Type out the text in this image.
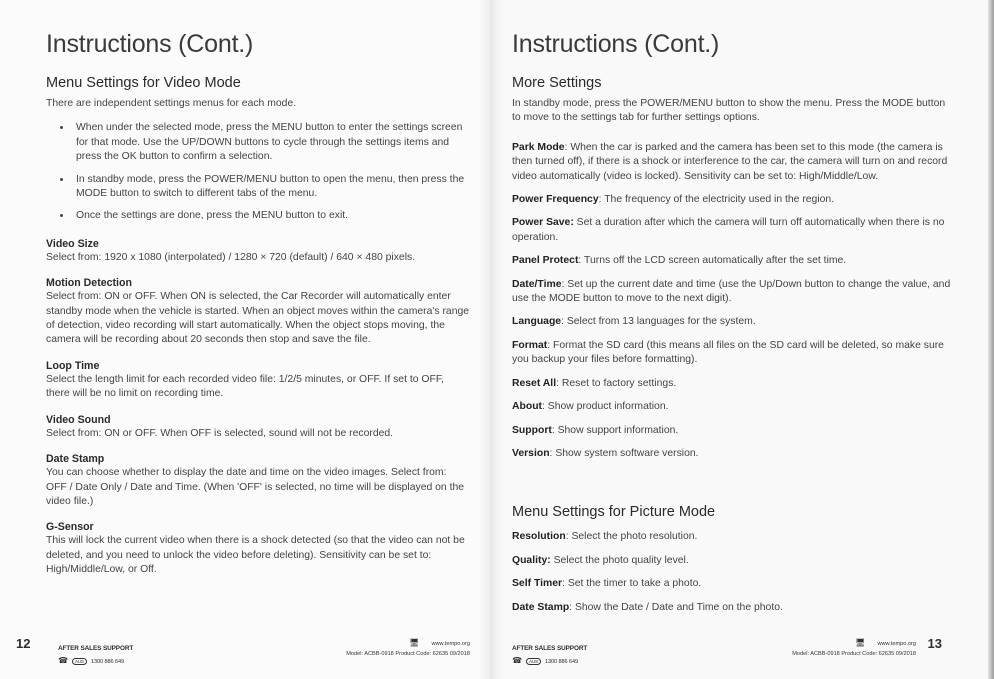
Instructions (Cont.)
Menu Settings for Video Mode

There are independent settings menus for each mode.

• When under the selected mode, press the MENU button to enter the settings screen for that mode. Use the UP/DOWN buttons to cycle through the settings items and press the OK button to confirm a selection.
• In standby mode, press the POWER/MENU button to open the menu, then press the MODE button to switch to different tabs of the menu.
• Once the settings are done, press the MENU button to exit.
Video Size

Select from: 1920 x 1080 (interpolated) / 1280 × 720 (default) / 640 × 480 pixels.

Motion Detection

Select from: ON or OFF. When ON is selected, the Car Recorder will automatically enter standby mode when the vehicle is started. When an object moves within the camera's range of detection, video recording will start automatically. When the object stops moving, the camera will be recording about 20 seconds then stop and save the file.

Loop Time

Select the length limit for each recorded video file: 1/2/5 minutes, or OFF. If set to OFF, there will be no limit on recording time.

Video Sound

Select from: ON or OFF. When OFF is selected, sound will not be recorded.

Date Stamp

You can choose whether to display the date and time on the video images. Select from: OFF / Date Only / Date and Time. (When 'OFF' is selected, no time will be displayed on the video file.)

G-Sensor

This will lock the current video when there is a shock detected (so that the video can not be deleted, and you need to unlock the video before deleting). Sensitivity can be set to: High/Middle/Low, or Off.

12	AFTER SALES SUPPORT
☎ AUS 1300 886 649
🖥 www.tempo.org
Model: ACBB-0918 Product Code: 62635 09/2018
Instructions (Cont.)
More Settings

In standby mode, press the POWER/MENU button to show the menu. Press the MODE button to move to the settings tab for further settings options.

Park Mode: When the car is parked and the camera has been set to this mode (the camera is then turned off), if there is a shock or interference to the car, the camera will turn on and record video automatically (video is locked). Sensitivity can be set to: High/Middle/Low.
Power Frequency: The frequency of the electricity used in the region.
Power Save: Set a duration after which the camera will turn off automatically when there is no operation.
Panel Protect: Turns off the LCD screen automatically after the set time.
Date/Time: Set up the current date and time (use the Up/Down button to change the value, and use the MODE button to move to the next digit).
Language: Select from 13 languages for the system.
Format: Format the SD card (this means all files on the SD card will be deleted, so make sure you backup your files before formatting).
Reset All: Reset to factory settings.
About: Show product information.
Support: Show support information.
Version: Show system software version.
Menu Settings for Picture Mode
Resolution: Select the photo resolution.
Quality: Select the photo quality level.
Self Timer: Set the timer to take a photo.
Date Stamp: Show the Date / Date and Time on the photo.
13
AFTER SALES SUPPORT
☎ AUS 1300 886 649
🖥 www.tempo.org
Model: ACBB-0918 Product Code: 62635 09/2018
